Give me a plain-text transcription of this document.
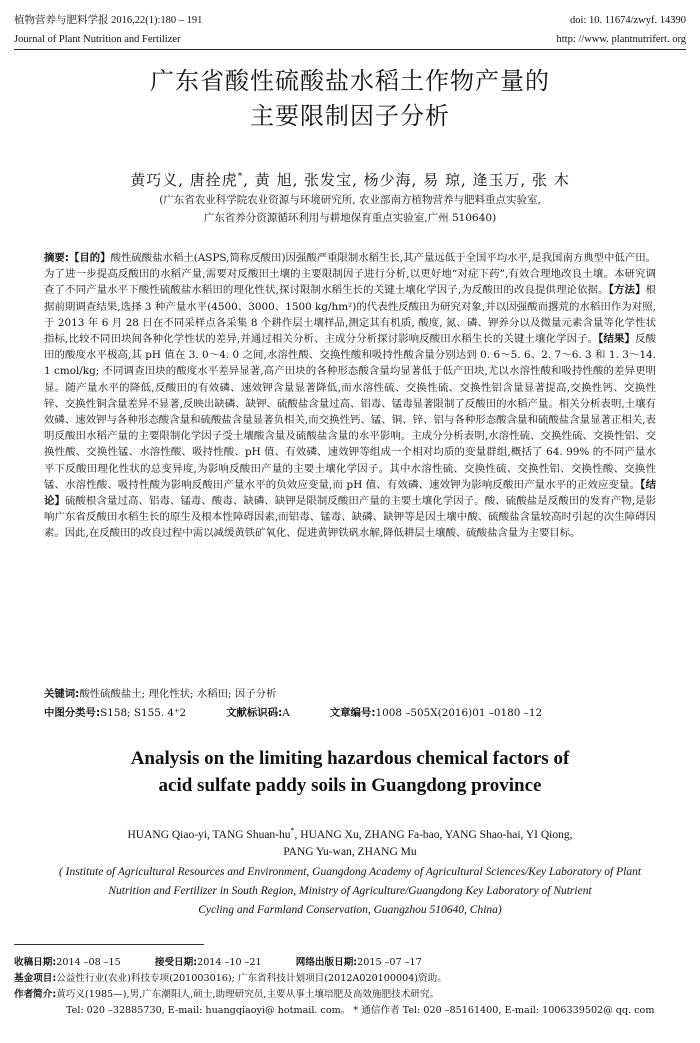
植物营养与肥料学报 2016,22(1):180 – 191	doi: 10. 11674/zwyf. 14390
Journal of Plant Nutrition and Fertilizer	http: //www. plantnutrifert. org
广东省酸性硫酸盐水稻土作物产量的
主要限制因子分析
黄巧义, 唐拴虎*, 黄 旭, 张发宝, 杨少海, 易 琼, 逄玉万, 张 木
(广东省农业科学院农业资源与环境研究所, 农业部南方植物营养与肥料重点实验室,
广东省养分资源循环利用与耕地保育重点实验室,广州 510640)
摘要:【目的】酸性硫酸盐水稻土(ASPS,简称反酸田)因强酸严重限制水稻生长,其产量远低于全国平均水平,是我国南方典型中低产田。为了进一步提高反酸田的水稻产量,需要对反酸田土壤的主要限制因子进行分析,以更好地“对症下药”,有效合理地改良土壤。本研究调查了不同产量水平下酸性硫酸盐水稻田的理化性状,探讨限制水稻生长的关键土壤化学因子,为反酸田的改良提供理论依据。【方法】根据前期调查结果,选择 3 种产量水平(4500、3000、1500 kg/hm²)的代表性反酸田为研究对象,并以因强酸而撂荒的水稻田作为对照,于 2013 年 6 月 28 日在不同采样点各采集 8 个耕作层土壤样品,测定其有机质, 酸度, 氮、磷、钾养分以及微量元素含量等化学性状指标,比较不同田块间各种化学性状的差异,并通过相关分析、主成分分析探讨影响反酸田水稻生长的关键土壤化学因子。【结果】反酸田的酸度水平极高,其 pH 值在 3. 0～4. 0 之间,水溶性酸、交换性酸和吸持性酸含量分别达到 0. 6～5. 6、2. 7～6. 3 和 1. 3～14. 1 cmol/kg; 不同调查田块的酸度水平差异显著,高产田块的各种形态酸含量均显著低于低产田块,尤以水溶性酸和吸持性酸的差异更明显。随产量水平的降低,反酸田的有效磷、速效钾含量显著降低,而水溶性硫、交换性硫、交换性铝含量显著提高,交换性钙、交换性锌、交换性铜含量差异不显著,反映出缺磷、缺钾、硫酸盐含量过高、铝毒、锰毒显著限制了反酸田的水稻产量。相关分析表明,土壤有效磷、速效钾与各种形态酸含量和硫酸盐含量显著负相关,而交换性钙、锰、铜、锌、铝与各种形态酸含量和硫酸盐含量显著正相关,表明反酸田水稻产量的主要限制化学因子受土壤酸含量及硫酸盐含量的水平影响。主成分分析表明,水溶性硫、交换性硫、交换性铝、交换性酸、交换性锰、水溶性酸、吸持性酸、pH 值、有效磷、速效钾等组成一个相对均质的变量群组,概括了 64. 99% 的不同产量水平下反酸田理化性状的总变异度,为影响反酸田产量的主要土壤化学因子。其中水溶性硫、交换性硫、交换性铝、交换性酸、交换性锰、水溶性酸、吸持性酸为影响反酸田产量水平的负效应变量,而 pH 值、有效磷、速效钾为影响反酸田产量水平的正效应变量。【结论】硫酸根含量过高、铝毒、锰毒、酸毒、缺磷、缺钾是限制反酸田产量的主要土壤化学因子。酸、硫酸盐是反酸田的发育产物,是影响广东省反酸田水稻生长的原生及根本性障碍因素,而铝毒、锰毒、缺磷、缺钾等是因土壤中酸、硫酸盐含量较高时引起的次生障碍因素。因此,在反酸田的改良过程中需以减缓黄铁矿氧化、促进黄钾铁矾水解,降低耕层土壤酸、硫酸盐含量为主要目标。
关键词:酸性硫酸盐土; 理化性状; 水稻田; 因子分析
中图分类号:S158; S155. 4⁺2	文献标识码:A	文章编号:1008 –505X(2016)01 –0180 –12
Analysis on the limiting hazardous chemical factors of
acid sulfate paddy soils in Guangdong province
HUANG Qiao-yi, TANG Shuan-hu*, HUANG Xu, ZHANG Fa-bao, YANG Shao-hai, YI Qiong,
PANG Yu-wan, ZHANG Mu
( Institute of Agricultural Resources and Environment, Guangdong Academy of Agricultural Sciences/Key Laboratory of Plant
Nutrition and Fertilizer in South Region, Ministry of Agriculture/Guangdong Key Laboratory of Nutrient
Cycling and Farmland Conservation, Guangzhou 510640, China)
收稿日期:2014 –08 –15	接受日期:2014 –10 –21	网络出版日期:2015 –07 –17
基金项目:公益性行业(农业)科技专项(201003016); 广东省科技计划项目(2012A020100004)资助。
作者简介:黄巧义(1985—),男,广东潮阳人,硕士,助理研究员,主要从事土壤培肥及高效施肥技术研究。
Tel: 020 –32885730, E-mail: huangqiaoyi@ hotmail. com。 * 通信作者 Tel: 020 –85161400, E-mail: 1006339502@ qq. com
